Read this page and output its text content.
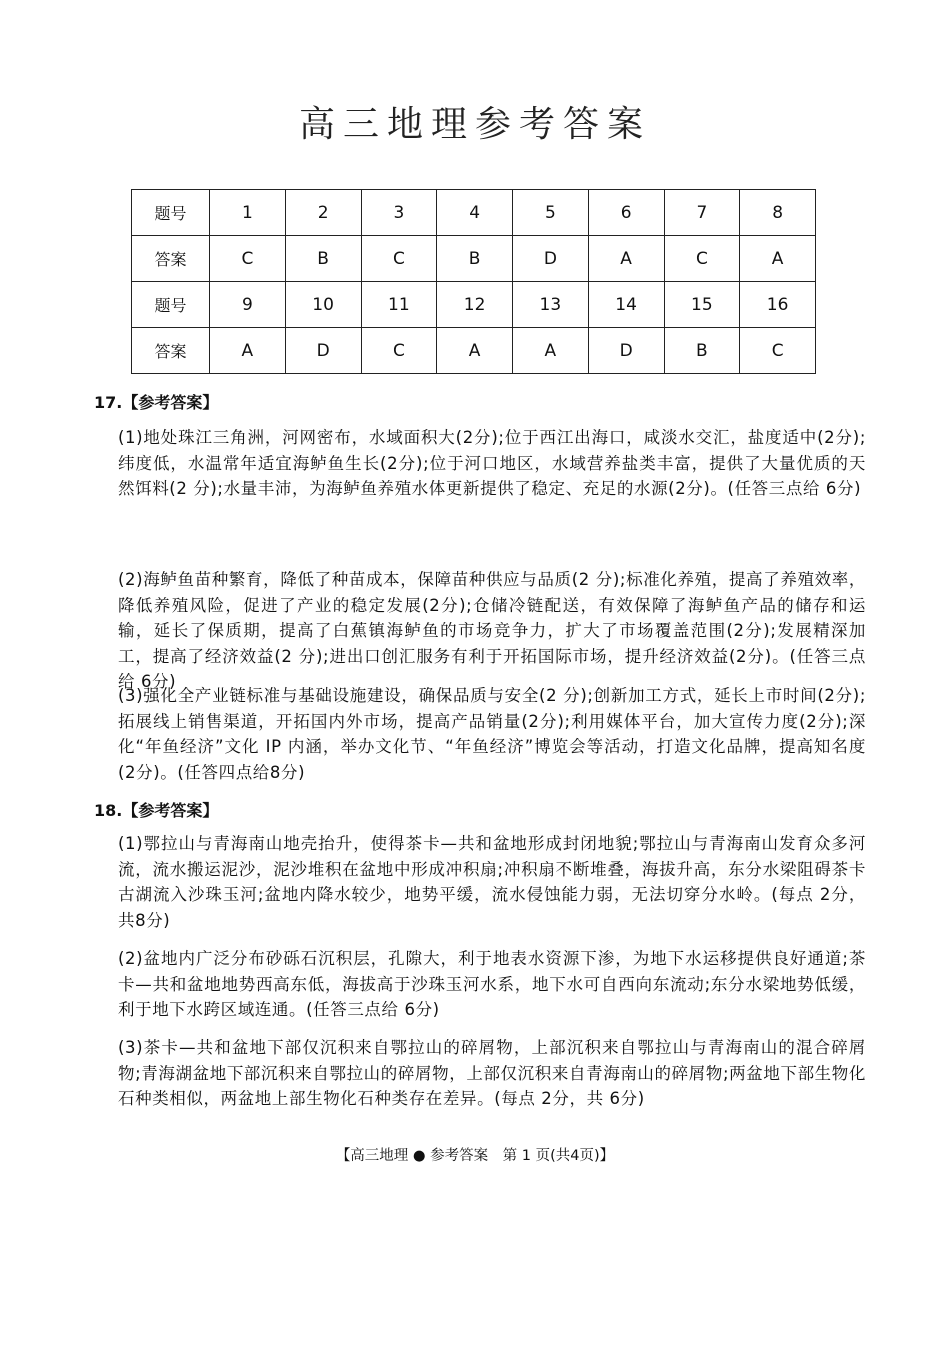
高三地理参考答案
题号	1	2	3	4	5	6	7	8
答案	C	B	C	B	D	A	C	A
题号	9	10	11	12	13	14	15	16
答案	A	D	C	A	A	D	B	C
17.【参考答案】
(1)地处珠江三角洲，河网密布，水域面积大(2分);位于西江出海口，咸淡水交汇，盐度适中(2分);纬度低，水温常年适宜海鲈鱼生长(2分);位于河口地区，水域营养盐类丰富，提供了大量优质的天然饵料(2 分);水量丰沛，为海鲈鱼养殖水体更新提供了稳定、充足的水源(2分)。(任答三点给 6分)
(2)海鲈鱼苗种繁育，降低了种苗成本，保障苗种供应与品质(2 分);标准化养殖，提高了养殖效率，降低养殖风险，促进了产业的稳定发展(2分);仓储冷链配送，有效保障了海鲈鱼产品的储存和运输，延长了保质期，提高了白蕉镇海鲈鱼的市场竞争力，扩大了市场覆盖范围(2分);发展精深加工，提高了经济效益(2 分);进出口创汇服务有利于开拓国际市场，提升经济效益(2分)。(任答三点给 6分)
(3)强化全产业链标准与基础设施建设，确保品质与安全(2 分);创新加工方式，延长上市时间(2分);拓展线上销售渠道，开拓国内外市场，提高产品销量(2分);利用媒体平台，加大宣传力度(2分);深化“年鱼经济”文化 IP 内涵，举办文化节、“年鱼经济”博览会等活动，打造文化品牌，提高知名度(2分)。(任答四点给8分)
18.【参考答案】
(1)鄂拉山与青海南山地壳抬升，使得茶卡—共和盆地形成封闭地貌;鄂拉山与青海南山发育众多河流，流水搬运泥沙，泥沙堆积在盆地中形成冲积扇;冲积扇不断堆叠，海拔升高，东分水梁阻碍茶卡古湖流入沙珠玉河;盆地内降水较少，地势平缓，流水侵蚀能力弱，无法切穿分水岭。(每点 2分，共8分)
(2)盆地内广泛分布砂砾石沉积层，孔隙大，利于地表水资源下渗，为地下水运移提供良好通道;茶卡—共和盆地地势西高东低，海拔高于沙珠玉河水系，地下水可自西向东流动;东分水梁地势低缓，利于地下水跨区域连通。(任答三点给 6分)
(3)茶卡—共和盆地下部仅沉积来自鄂拉山的碎屑物，上部沉积来自鄂拉山与青海南山的混合碎屑物;青海湖盆地下部沉积来自鄂拉山的碎屑物，上部仅沉积来自青海南山的碎屑物;两盆地下部生物化石种类相似，两盆地上部生物化石种类存在差异。(每点 2分，共 6分)
【高三地理 ● 参考答案　第 1 页(共4页)】
